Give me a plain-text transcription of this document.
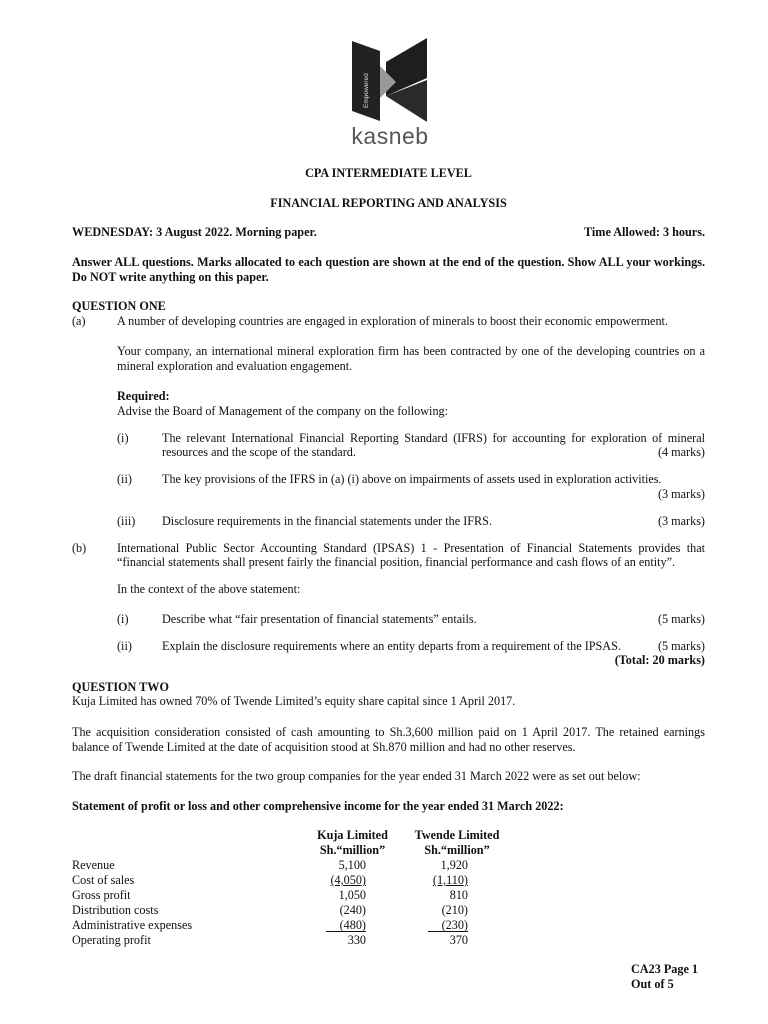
Empowered
kasneb
CPA INTERMEDIATE LEVEL
FINANCIAL REPORTING AND ANALYSIS
WEDNESDAY: 3 August 2022. Morning paper.	Time Allowed: 3 hours.
Answer ALL questions. Marks allocated to each question are shown at the end of the question. Show ALL your workings. Do NOT write anything on this paper.
QUESTION ONE
(a)	A number of developing countries are engaged in exploration of minerals to boost their economic empowerment.
Your company, an international mineral exploration firm has been contracted by one of the developing countries on a mineral exploration and evaluation engagement.
Required:
Advise the Board of Management of the company on the following:
(i)	The relevant International Financial Reporting Standard (IFRS) for accounting for exploration of mineral
resources and the scope of the standard.	(4 marks)
(ii) The key provisions of the IFRS in (a) (i) above on impairments of assets used in exploration activities.
(3 marks)
(iii) Disclosure requirements in the financial statements under the IFRS.	(3 marks)
(b)	International Public Sector Accounting Standard (IPSAS) 1 - Presentation of Financial Statements provides that
“financial statements shall present fairly the financial position, financial performance and cash flows of an entity”.
In the context of the above statement:
(i)	Describe what “fair presentation of financial statements” entails.	(5 marks)
(ii) Explain the disclosure requirements where an entity departs from a requirement of the IPSAS.	(5 marks)
(Total: 20 marks)
QUESTION TWO
Kuja Limited has owned 70% of Twende Limited’s equity share capital since 1 April 2017.
The acquisition consideration consisted of cash amounting to Sh.3,600 million paid on 1 April 2017. The retained earnings balance of Twende Limited at the date of acquisition stood at Sh.870 million and had no other reserves.
The draft financial statements for the two group companies for the year ended 31 March 2022 were as set out below:
Statement of profit or loss and other comprehensive income for the year ended 31 March 2022:
Kuja Limited
Sh.“million”
Twende Limited
Sh.“million”
Revenue	5,100	1,920
Cost of sales	(4,050)	(1,110)
Gross profit	1,050	810
Distribution costs	(240)	(210)
Administrative expenses	(480)	(230)
Operating profit	330	370
CA23 Page 1
Out of 5
